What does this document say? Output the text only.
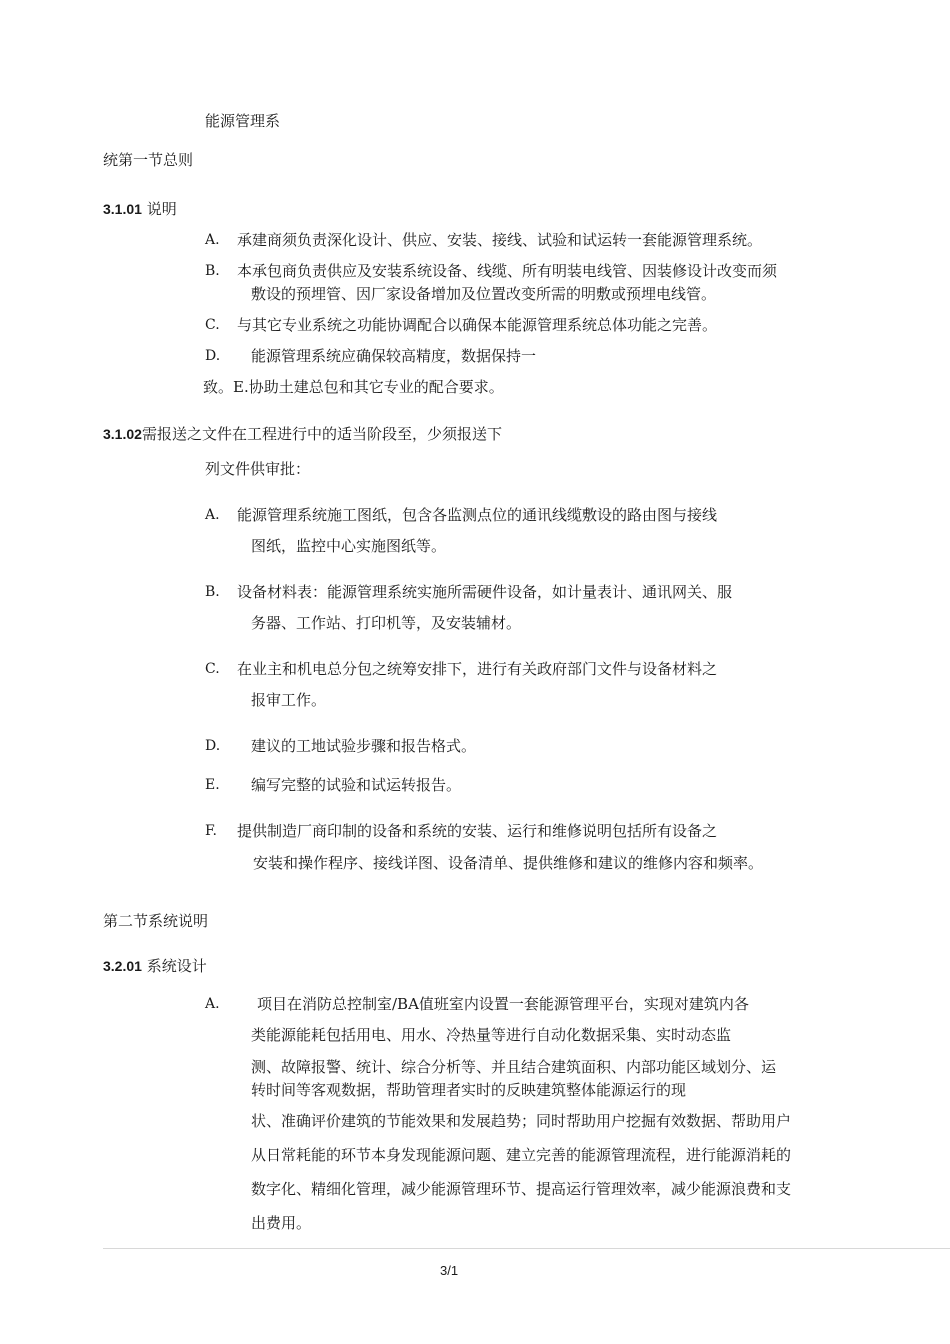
能源管理系
统第一节总则
3.1.01 说明
A. 承建商须负责深化设计、供应、安装、接线、试验和试运转一套能源管理系统。
B. 本承包商负责供应及安装系统设备、线缆、所有明装电线管、因装修设计改变而须
敷设的预埋管、因厂家设备增加及位置改变所需的明敷或预埋电线管。
C. 与其它专业系统之功能协调配合以确保本能源管理系统总体功能之完善。
D. 能源管理系统应确保较高精度，数据保持一
致。E.协助土建总包和其它专业的配合要求。
3.1.02需报送之文件在工程进行中的适当阶段至，少须报送下
列文件供审批：
A. 能源管理系统施工图纸，包含各监测点位的通讯线缆敷设的路由图与接线
图纸，监控中心实施图纸等。
B. 设备材料表：能源管理系统实施所需硬件设备，如计量表计、通讯网关、服
务器、工作站、打印机等，及安装辅材。
C. 在业主和机电总分包之统筹安排下，进行有关政府部门文件与设备材料之
报审工作。
D. 建议的工地试验步骤和报告格式。
E. 编写完整的试验和试运转报告。
F. 提供制造厂商印制的设备和系统的安装、运行和维修说明包括所有设备之
安装和操作程序、接线详图、设备清单、提供维修和建议的维修内容和频率。
第二节系统说明
3.2.01 系统设计
A. 项目在消防总控制室/BA值班室内设置一套能源管理平台，实现对建筑内各
类能源能耗包括用电、用水、冷热量等进行自动化数据采集、实时动态监
测、故障报警、统计、综合分析等、并且结合建筑面积、内部功能区域划分、运
转时间等客观数据，帮助管理者实时的反映建筑整体能源运行的现
状、准确评价建筑的节能效果和发展趋势；同时帮助用户挖掘有效数据、帮助用户
从日常耗能的环节本身发现能源问题、建立完善的能源管理流程，进行能源消耗的
数字化、精细化管理，减少能源管理环节、提高运行管理效率，减少能源浪费和支
出费用。
3/1
